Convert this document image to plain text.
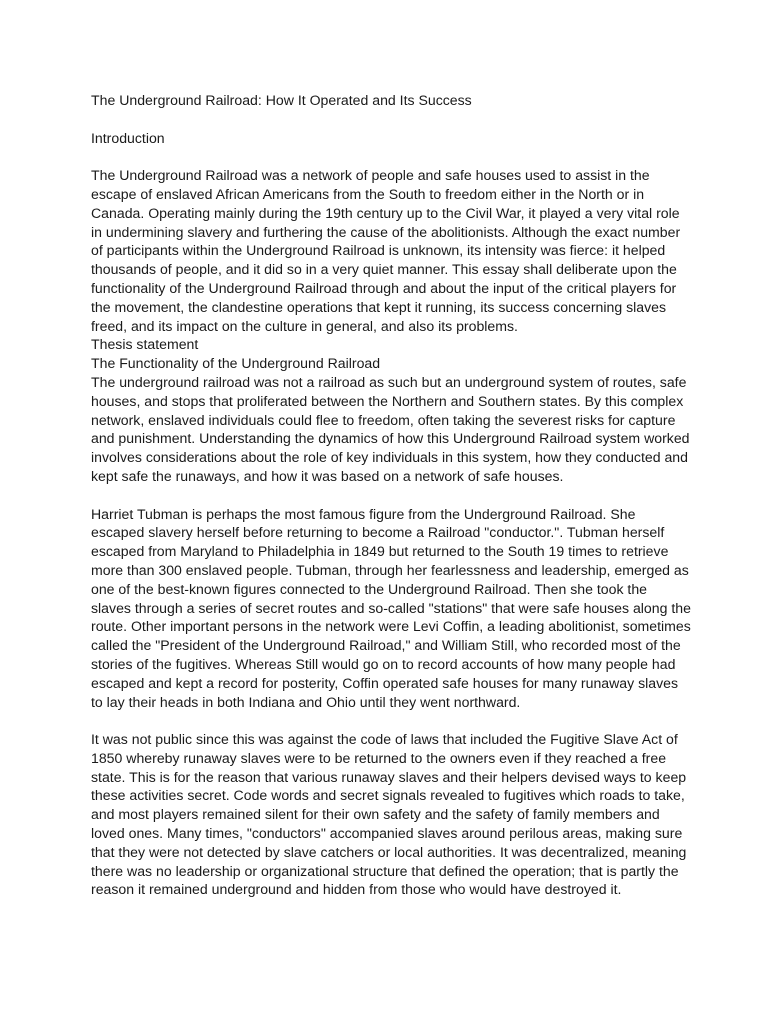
The Underground Railroad: How It Operated and Its Success

Introduction

The Underground Railroad was a network of people and safe houses used to assist in the

escape of enslaved African Americans from the South to freedom either in the North or in

Canada. Operating mainly during the 19th century up to the Civil War, it played a very vital role

in undermining slavery and furthering the cause of the abolitionists. Although the exact number

of participants within the Underground Railroad is unknown, its intensity was fierce: it helped

thousands of people, and it did so in a very quiet manner. This essay shall deliberate upon the

functionality of the Underground Railroad through and about the input of the critical players for

the movement, the clandestine operations that kept it running, its success concerning slaves

freed, and its impact on the culture in general, and also its problems.

Thesis statement

The Functionality of the Underground Railroad

The underground railroad was not a railroad as such but an underground system of routes, safe

houses, and stops that proliferated between the Northern and Southern states. By this complex

network, enslaved individuals could flee to freedom, often taking the severest risks for capture

and punishment. Understanding the dynamics of how this Underground Railroad system worked

involves considerations about the role of key individuals in this system, how they conducted and

kept safe the runaways, and how it was based on a network of safe houses.

Harriet Tubman is perhaps the most famous figure from the Underground Railroad. She

escaped slavery herself before returning to become a Railroad "conductor.". Tubman herself

escaped from Maryland to Philadelphia in 1849 but returned to the South 19 times to retrieve

more than 300 enslaved people. Tubman, through her fearlessness and leadership, emerged as

one of the best-known figures connected to the Underground Railroad. Then she took the

slaves through a series of secret routes and so-called "stations" that were safe houses along the

route. Other important persons in the network were Levi Coffin, a leading abolitionist, sometimes

called the "President of the Underground Railroad," and William Still, who recorded most of the

stories of the fugitives. Whereas Still would go on to record accounts of how many people had

escaped and kept a record for posterity, Coffin operated safe houses for many runaway slaves

to lay their heads in both Indiana and Ohio until they went northward.

It was not public since this was against the code of laws that included the Fugitive Slave Act of

1850 whereby runaway slaves were to be returned to the owners even if they reached a free

state. This is for the reason that various runaway slaves and their helpers devised ways to keep

these activities secret. Code words and secret signals revealed to fugitives which roads to take,

and most players remained silent for their own safety and the safety of family members and

loved ones. Many times, "conductors" accompanied slaves around perilous areas, making sure

that they were not detected by slave catchers or local authorities. It was decentralized, meaning

there was no leadership or organizational structure that defined the operation; that is partly the

reason it remained underground and hidden from those who would have destroyed it.
